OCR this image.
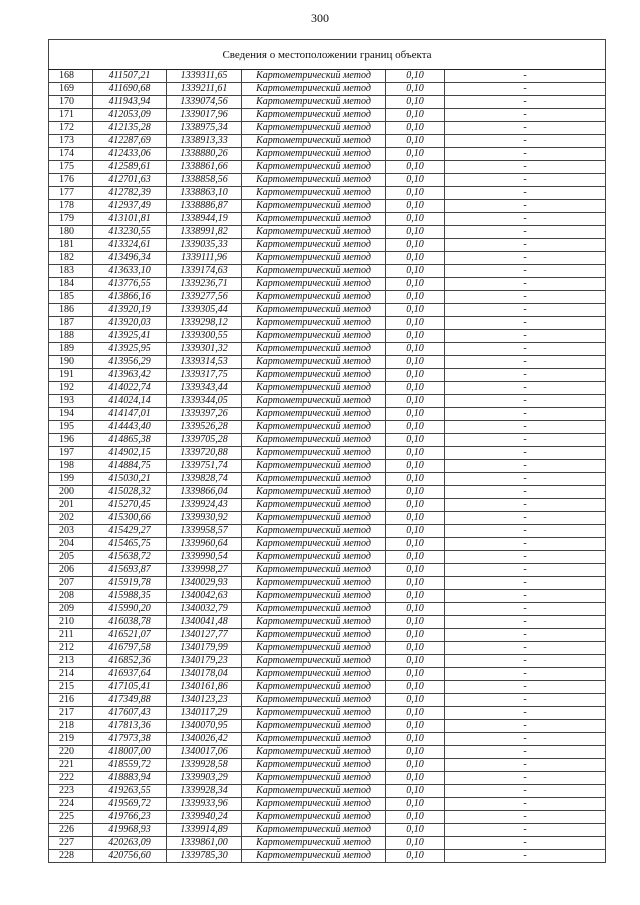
300
Сведения о местоположении границ объекта					
168	411507,21	1339311,65	Картометрический метод	0,10	-
169	411690,68	1339211,61	Картометрический метод	0,10	-
170	411943,94	1339074,56	Картометрический метод	0,10	-
171	412053,09	1339017,96	Картометрический метод	0,10	-
172	412135,28	1338975,34	Картометрический метод	0,10	-
173	412287,69	1338913,33	Картометрический метод	0,10	-
174	412433,06	1338880,26	Картометрический метод	0,10	-
175	412589,61	1338861,66	Картометрический метод	0,10	-
176	412701,63	1338858,56	Картометрический метод	0,10	-
177	412782,39	1338863,10	Картометрический метод	0,10	-
178	412937,49	1338886,87	Картометрический метод	0,10	-
179	413101,81	1338944,19	Картометрический метод	0,10	-
180	413230,55	1338991,82	Картометрический метод	0,10	-
181	413324,61	1339035,33	Картометрический метод	0,10	-
182	413496,34	1339111,96	Картометрический метод	0,10	-
183	413633,10	1339174,63	Картометрический метод	0,10	-
184	413776,55	1339236,71	Картометрический метод	0,10	-
185	413866,16	1339277,56	Картометрический метод	0,10	-
186	413920,19	1339305,44	Картометрический метод	0,10	-
187	413920,03	1339298,12	Картометрический метод	0,10	-
188	413925,41	1339300,55	Картометрический метод	0,10	-
189	413925,95	1339301,32	Картометрический метод	0,10	-
190	413956,29	1339314,53	Картометрический метод	0,10	-
191	413963,42	1339317,75	Картометрический метод	0,10	-
192	414022,74	1339343,44	Картометрический метод	0,10	-
193	414024,14	1339344,05	Картометрический метод	0,10	-
194	414147,01	1339397,26	Картометрический метод	0,10	-
195	414443,40	1339526,28	Картометрический метод	0,10	-
196	414865,38	1339705,28	Картометрический метод	0,10	-
197	414902,15	1339720,88	Картометрический метод	0,10	-
198	414884,75	1339751,74	Картометрический метод	0,10	-
199	415030,21	1339828,74	Картометрический метод	0,10	-
200	415028,32	1339866,04	Картометрический метод	0,10	-
201	415270,45	1339924,43	Картометрический метод	0,10	-
202	415300,66	1339930,92	Картометрический метод	0,10	-
203	415429,27	1339958,57	Картометрический метод	0,10	-
204	415465,75	1339960,64	Картометрический метод	0,10	-
205	415638,72	1339990,54	Картометрический метод	0,10	-
206	415693,87	1339998,27	Картометрический метод	0,10	-
207	415919,78	1340029,93	Картометрический метод	0,10	-
208	415988,35	1340042,63	Картометрический метод	0,10	-
209	415990,20	1340032,79	Картометрический метод	0,10	-
210	416038,78	1340041,48	Картометрический метод	0,10	-
211	416521,07	1340127,77	Картометрический метод	0,10	-
212	416797,58	1340179,99	Картометрический метод	0,10	-
213	416852,36	1340179,23	Картометрический метод	0,10	-
214	416937,64	1340178,04	Картометрический метод	0,10	-
215	417105,41	1340161,86	Картометрический метод	0,10	-
216	417349,88	1340123,23	Картометрический метод	0,10	-
217	417607,43	1340117,29	Картометрический метод	0,10	-
218	417813,36	1340070,95	Картометрический метод	0,10	-
219	417973,38	1340026,42	Картометрический метод	0,10	-
220	418007,00	1340017,06	Картометрический метод	0,10	-
221	418559,72	1339928,58	Картометрический метод	0,10	-
222	418883,94	1339903,29	Картометрический метод	0,10	-
223	419263,55	1339928,34	Картометрический метод	0,10	-
224	419569,72	1339933,96	Картометрический метод	0,10	-
225	419766,23	1339940,24	Картометрический метод	0,10	-
226	419968,93	1339914,89	Картометрический метод	0,10	-
227	420263,09	1339861,00	Картометрический метод	0,10	-
228	420756,60	1339785,30	Картометрический метод	0,10	-
